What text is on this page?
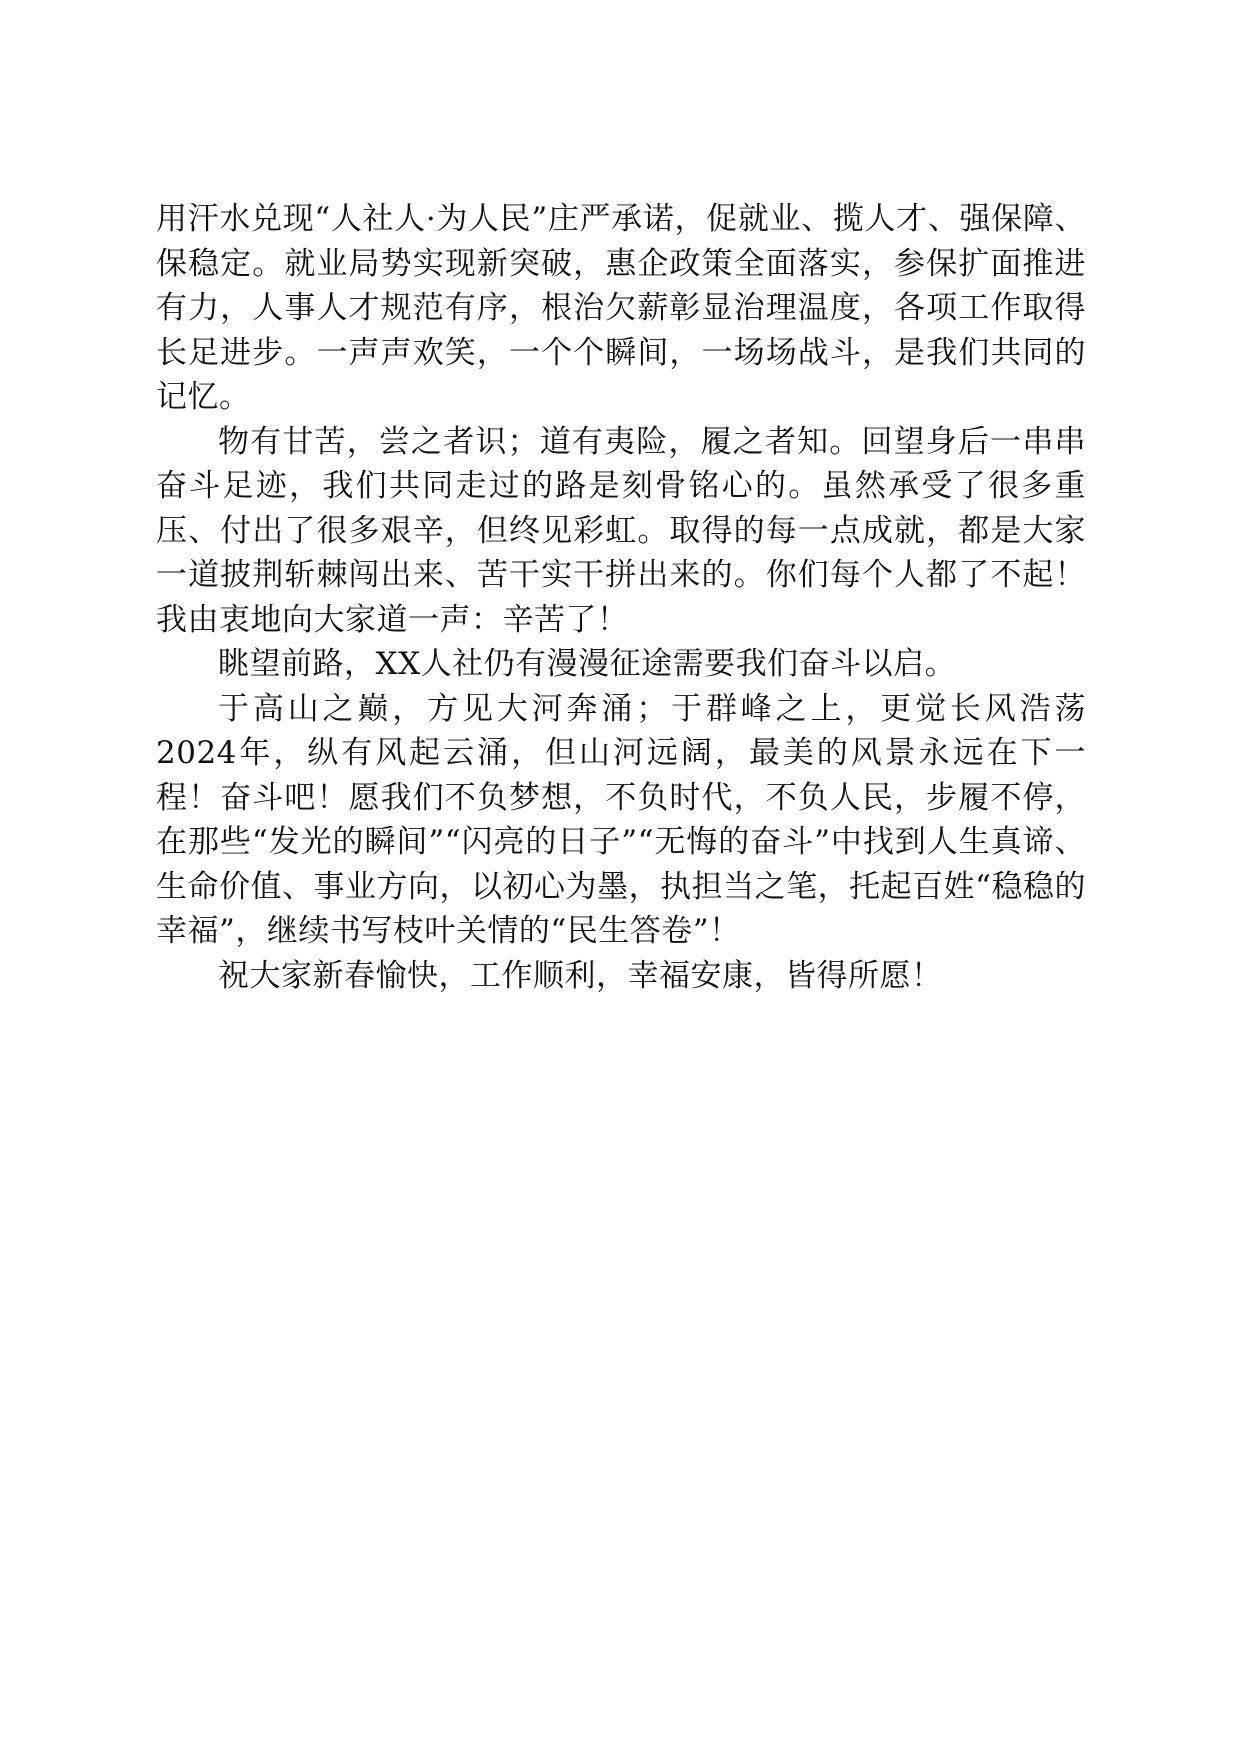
用汗水兑现“人社人·为人民”庄严承诺，促就业、揽人才、强保障、保稳定。就业局势实现新突破，惠企政策全面落实，参保扩面推进有力，人事人才规范有序，根治欠薪彰显治理温度，各项工作取得长足进步。一声声欢笑，一个个瞬间，一场场战斗，是我们共同的记忆。

物有甘苦，尝之者识；道有夷险，履之者知。回望身后一串串奋斗足迹，我们共同走过的路是刻骨铭心的。虽然承受了很多重压、付出了很多艰辛，但终见彩虹。取得的每一点成就，都是大家一道披荆斩棘闯出来、苦干实干拼出来的。你们每个人都了不起！我由衷地向大家道一声：辛苦了！

眺望前路，XX人社仍有漫漫征途需要我们奋斗以启。

于高山之巅，方见大河奔涌；于群峰之上，更觉长风浩荡2024年，纵有风起云涌，但山河远阔，最美的风景永远在下一程！奋斗吧！愿我们不负梦想，不负时代，不负人民，步履不停，在那些“发光的瞬间”“闪亮的日子”“无悔的奋斗”中找到人生真谛、生命价值、事业方向，以初心为墨，执担当之笔，托起百姓“稳稳的幸福”，继续书写枝叶关情的“民生答卷”！

祝大家新春愉快，工作顺利，幸福安康，皆得所愿！
